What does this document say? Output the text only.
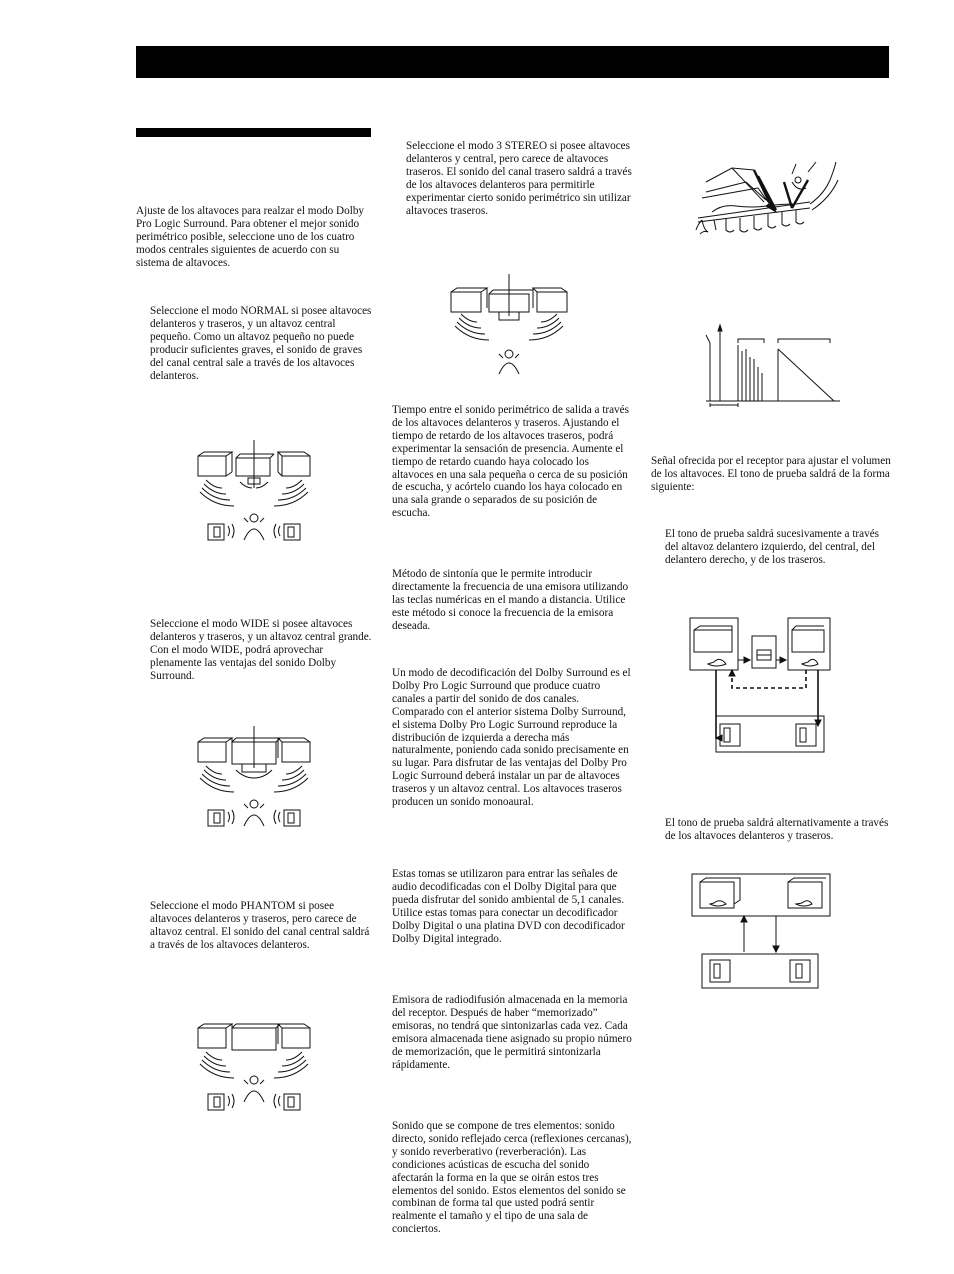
Ajuste de los altavoces para realzar el modo Dolby Pro Logic Surround. Para obtener el mejor sonido perimétrico posible, seleccione uno de los cuatro modos centrales siguientes de acuerdo con su sistema de altavoces.

Seleccione el modo NORMAL si posee altavoces delanteros y traseros, y un altavoz central pequeño. Como un altavoz pequeño no puede producir suficientes graves, el sonido de graves del canal central sale a través de los altavoces delanteros.

Seleccione el modo WIDE si posee altavoces delanteros y traseros, y un altavoz central grande. Con el modo WIDE, podrá aprovechar plenamente las ventajas del sonido Dolby Surround.

Seleccione el modo PHANTOM si posee altavoces delanteros y traseros, pero carece de altavoz central. El sonido del canal central saldrá a través de los altavoces delanteros.

Seleccione el modo 3 STEREO si posee altavoces delanteros y central, pero carece de altavoces traseros. El sonido del canal trasero saldrá a través de los altavoces delanteros para permitirle experimentar cierto sonido perimétrico sin utilizar altavoces traseros.

Tiempo entre el sonido perimétrico de salida a través de los altavoces delanteros y traseros. Ajustando el tiempo de retardo de los altavoces traseros, podrá experimentar la sensación de presencia. Aumente el tiempo de retardo cuando haya colocado los altavoces en una sala pequeña o cerca de su posición de escucha, y acórtelo cuando los haya colocado en una sala grande o separados de su posición de escucha.

Método de sintonía que le permite introducir directamente la frecuencia de una emisora utilizando las teclas numéricas en el mando a distancia. Utilice este método si conoce la frecuencia de la emisora deseada.

Un modo de decodificación del Dolby Surround es el Dolby Pro Logic Surround que produce cuatro canales a partir del sonido de dos canales. Comparado con el anterior sistema Dolby Surround, el sistema Dolby Pro Logic Surround reproduce la distribución de izquierda a derecha más naturalmente, poniendo cada sonido precisamente en su lugar. Para disfrutar de las ventajas del Dolby Pro Logic Surround deberá instalar un par de altavoces traseros y un altavoz central. Los altavoces traseros producen un sonido monoaural.

Estas tomas se utilizaron para entrar las señales de audio decodificadas con el Dolby Digital para que pueda disfrutar del sonido ambiental de 5,1 canales. Utilice estas tomas para conectar un decodificador Dolby Digital o una platina DVD con decodificador Dolby Digital integrado.

Emisora de radiodifusión almacenada en la memoria del receptor. Después de haber “memorizado” emisoras, no tendrá que sintonizarlas cada vez. Cada emisora almacenada tiene asignado su propio número de memorización, que le permitirá sintonizarla rápidamente.

Sonido que se compone de tres elementos: sonido directo, sonido reflejado cerca (reflexiones cercanas), y sonido reverberativo (reverberación). Las condiciones acústicas de escucha del sonido afectarán la forma en la que se oirán estos tres elementos del sonido. Estos elementos del sonido se combinan de forma tal que usted podrá sentir realmente el tamaño y el tipo de una sala de conciertos.

Señal ofrecida por el receptor para ajustar el volumen de los altavoces. El tono de prueba saldrá de la forma siguiente:

El tono de prueba saldrá sucesivamente a través del altavoz delantero izquierdo, del central, del delantero derecho, y de los traseros.

El tono de prueba saldrá alternativamente a través de los altavoces delanteros y traseros.
